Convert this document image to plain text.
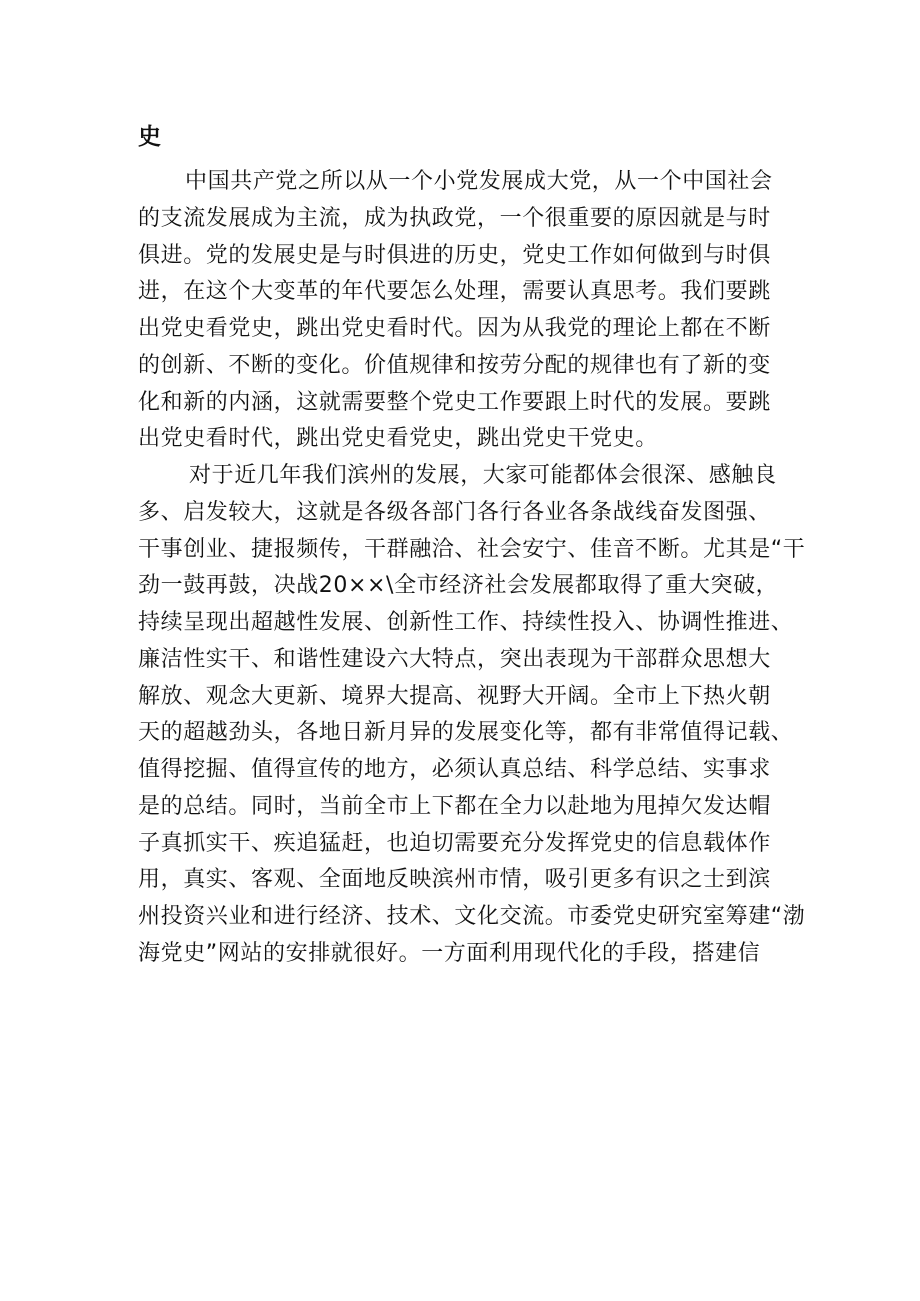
史
中国共产党之所以从一个小党发展成大党，从一个中国社会
的支流发展成为主流，成为执政党，一个很重要的原因就是与时
俱进。党的发展史是与时俱进的历史，党史工作如何做到与时俱
进，在这个大变革的年代要怎么处理，需要认真思考。我们要跳
出党史看党史，跳出党史看时代。因为从我党的理论上都在不断
的创新、不断的变化。价值规律和按劳分配的规律也有了新的变
化和新的内涵，这就需要整个党史工作要跟上时代的发展。要跳
出党史看时代，跳出党史看党史，跳出党史干党史。
对于近几年我们滨州的发展，大家可能都体会很深、感触良
多、启发较大，这就是各级各部门各行各业各条战线奋发图强、
干事创业、捷报频传，干群融洽、社会安宁、佳音不断。尤其是“干
劲一鼓再鼓，决战20××\全市经济社会发展都取得了重大突破，
持续呈现出超越性发展、创新性工作、持续性投入、协调性推进、
廉洁性实干、和谐性建设六大特点，突出表现为干部群众思想大
解放、观念大更新、境界大提高、视野大开阔。全市上下热火朝
天的超越劲头，各地日新月异的发展变化等，都有非常值得记载、
值得挖掘、值得宣传的地方，必须认真总结、科学总结、实事求
是的总结。同时，当前全市上下都在全力以赴地为甩掉欠发达帽
子真抓实干、疾追猛赶，也迫切需要充分发挥党史的信息载体作
用，真实、客观、全面地反映滨州市情，吸引更多有识之士到滨
州投资兴业和进行经济、技术、文化交流。市委党史研究室筹建“渤
海党史”网站的安排就很好。一方面利用现代化的手段，搭建信
